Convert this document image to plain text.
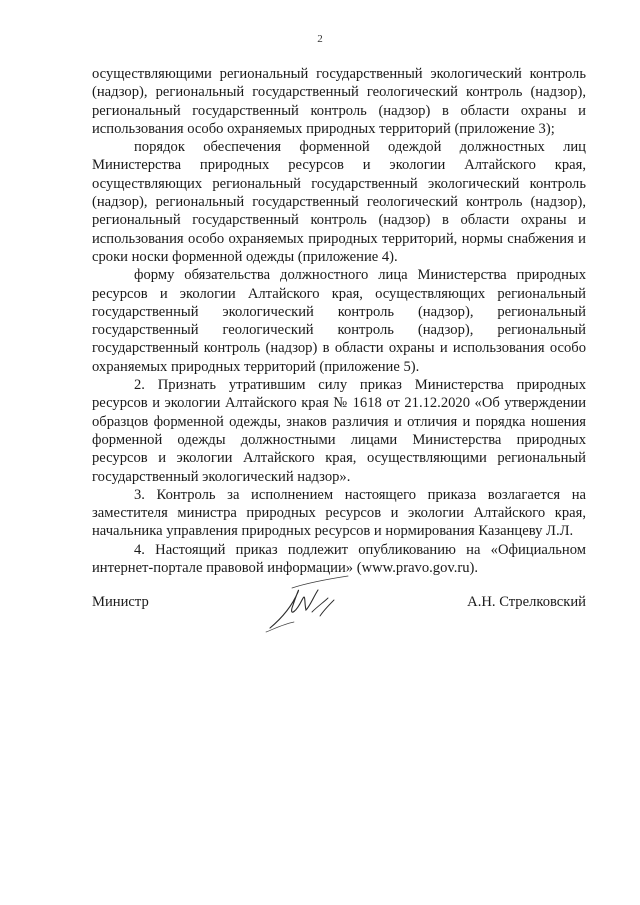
2

осуществляющими региональный государственный экологический контроль (надзор), региональный государственный геологический контроль (надзор), региональный государственный контроль (надзор) в области охраны и использования особо охраняемых природных территорий (приложение 3);

порядок обеспечения форменной одеждой должностных лиц Министерства природных ресурсов и экологии Алтайского края, осуществляющих региональный государственный экологический контроль (надзор), региональный государственный геологический контроль (надзор), региональный государственный контроль (надзор) в области охраны и использования особо охраняемых природных территорий, нормы снабжения и сроки носки форменной одежды (приложение 4).

форму обязательства должностного лица Министерства природных ресурсов и экологии Алтайского края, осуществляющих региональный государственный экологический контроль (надзор), региональный государственный геологический контроль (надзор), региональный государственный контроль (надзор) в области охраны и использования особо охраняемых природных территорий (приложение 5).

2. Признать утратившим силу приказ Министерства природных ресурсов и экологии Алтайского края № 1618 от 21.12.2020 «Об утверждении образцов форменной одежды, знаков различия и отличия и порядка ношения форменной одежды должностными лицами Министерства природных ресурсов и экологии Алтайского края, осуществляющими региональный государственный экологический надзор».

3. Контроль за исполнением настоящего приказа возлагается на заместителя министра природных ресурсов и экологии Алтайского края, начальника управления природных ресурсов и нормирования Казанцеву Л.Л.

4. Настоящий приказ подлежит опубликованию на «Официальном интернет-портале правовой информации» (www.pravo.gov.ru).

Министр	А.Н. Стрелковский
